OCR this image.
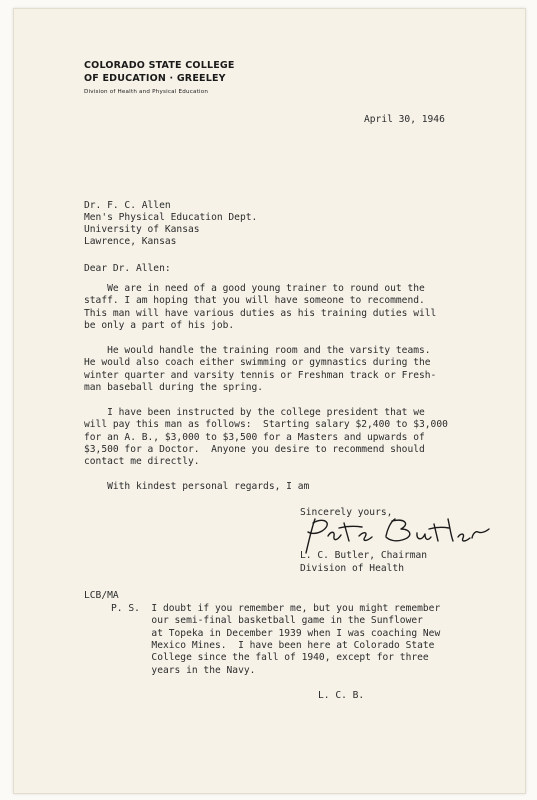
COLORADO STATE COLLEGE
OF EDUCATION · GREELEY
Division of Health and Physical Education
April 30, 1946
Dr. F. C. Allen
Men's Physical Education Dept.
University of Kansas
Lawrence, Kansas
Dear Dr. Allen:
We are in need of a good young trainer to round out the
staff. I am hoping that you will have someone to recommend.
This man will have various duties as his training duties will
be only a part of his job.
He would handle the training room and the varsity teams.
He would also coach either swimming or gymnastics during the
winter quarter and varsity tennis or Freshman track or Fresh-
man baseball during the spring.
I have been instructed by the college president that we
will pay this man as follows:  Starting salary $2,400 to $3,000
for an A. B., $3,000 to $3,500 for a Masters and upwards of
$3,500 for a Doctor.  Anyone you desire to recommend should
contact me directly.
With kindest personal regards, I am
Sincerely yours,
L. C. Butler, Chairman
Division of Health
LCB/MA
P. S.  I doubt if you remember me, but you might remember
our semi-final basketball game in the Sunflower
at Topeka in December 1939 when I was coaching New
Mexico Mines.  I have been here at Colorado State
College since the fall of 1940, except for three
years in the Navy.
L. C. B.
